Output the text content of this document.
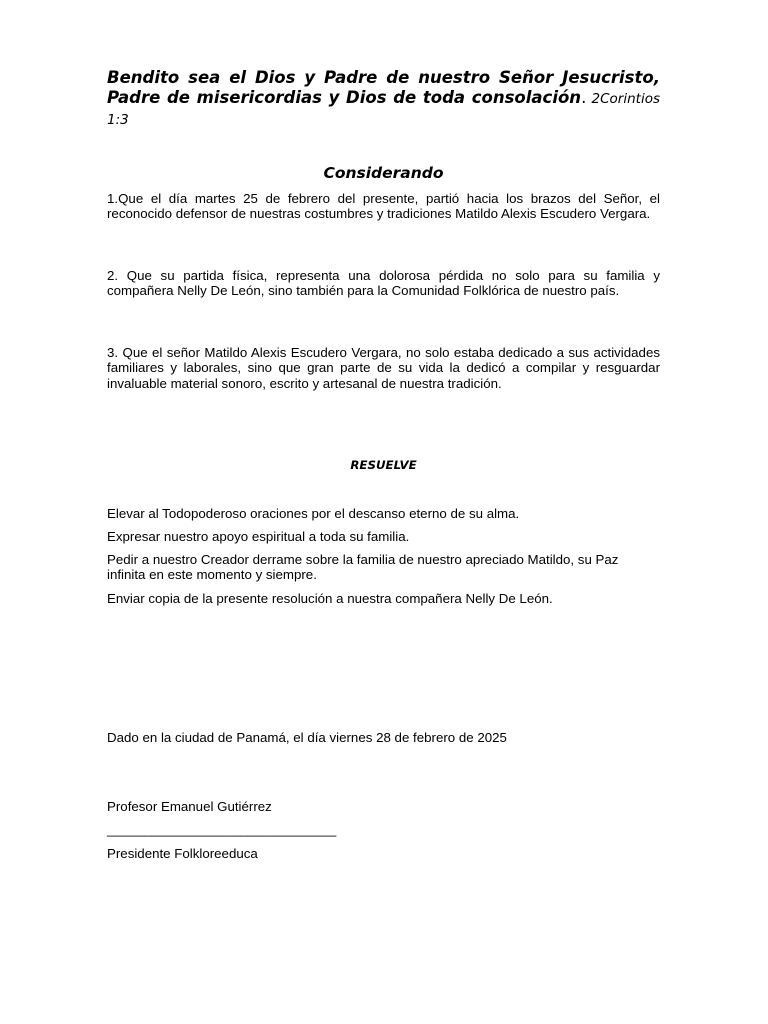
Bendito sea el Dios y Padre de nuestro Señor Jesucristo, Padre de misericordias y Dios de toda consolación. 2Corintios 1:3

Considerando

1.Que el día martes 25 de febrero del presente, partió hacia los brazos del Señor, el reconocido defensor de nuestras costumbres y tradiciones Matildo Alexis Escudero Vergara.

2. Que su partida física, representa una dolorosa pérdida no solo para su familia y compañera Nelly De León, sino también para la Comunidad Folklórica de nuestro país.

3. Que el señor Matildo Alexis Escudero Vergara, no solo estaba dedicado a sus actividades familiares y laborales, sino que gran parte de su vida la dedicó a compilar y resguardar invaluable material sonoro, escrito y artesanal de nuestra tradición.

RESUELVE

Elevar al Todopoderoso oraciones por el descanso eterno de su alma.

Expresar nuestro apoyo espiritual a toda su familia.

Pedir a nuestro Creador derrame sobre la familia de nuestro apreciado Matildo, su Paz infinita en este momento y siempre.

Enviar copia de la presente resolución a nuestra compañera Nelly De León.

Dado en la ciudad de Panamá, el día viernes 28 de febrero de 2025

Profesor Emanuel Gutiérrez

_______________________________

Presidente Folkloreeduca
